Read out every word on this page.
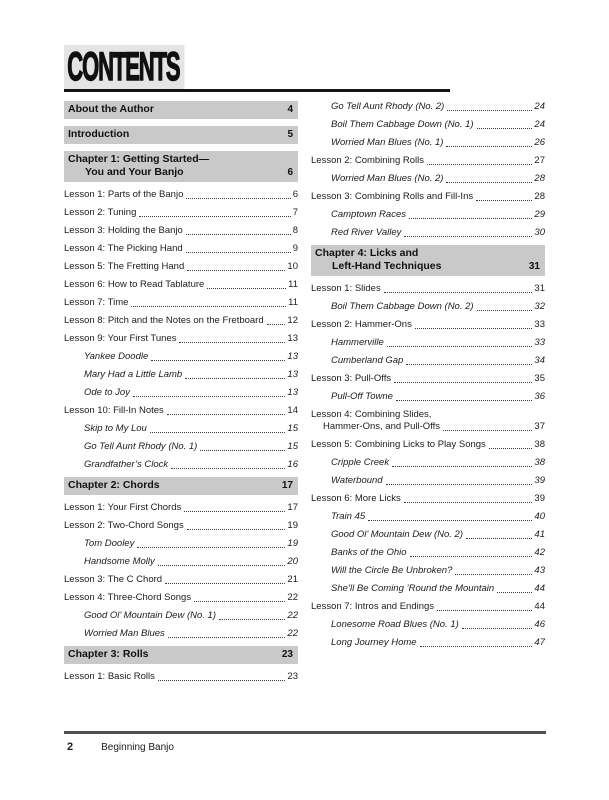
CONTENTS
About the Author	4
Introduction	5
Chapter 1: Getting Started—
You and Your Banjo	6
Lesson 1: Parts of the Banjo	6
Lesson 2: Tuning	7
Lesson 3: Holding the Banjo	8
Lesson 4: The Picking Hand	9
Lesson 5: The Fretting Hand	10
Lesson 6: How to Read Tablature	11
Lesson 7: Time	11
Lesson 8: Pitch and the Notes on the Fretboard	12
Lesson 9: Your First Tunes	13
Yankee Doodle	13
Mary Had a Little Lamb	13
Ode to Joy	13
Lesson 10: Fill-In Notes	14
Skip to My Lou	15
Go Tell Aunt Rhody (No. 1)	15
Grandfather’s Clock	16
Chapter 2: Chords	17
Lesson 1: Your First Chords	17
Lesson 2: Two-Chord Songs	19
Tom Dooley	19
Handsome Molly	20
Lesson 3: The C Chord	21
Lesson 4: Three-Chord Songs	22
Good Ol’ Mountain Dew (No. 1)	22
Worried Man Blues	22
Chapter 3: Rolls	23
Lesson 1: Basic Rolls	23
Go Tell Aunt Rhody (No. 2)	24
Boil Them Cabbage Down (No. 1)	24
Worried Man Blues (No. 1)	26
Lesson 2: Combining Rolls	27
Worried Man Blues (No. 2)	28
Lesson 3: Combining Rolls and Fill-Ins	28
Camptown Races	29
Red River Valley	30
Chapter 4: Licks and
Left-Hand Techniques	31
Lesson 1: Slides	31
Boil Them Cabbage Down (No. 2)	32
Lesson 2: Hammer-Ons	33
Hammerville	33
Cumberland Gap	34
Lesson 3: Pull-Offs	35
Pull-Off Towne	36
Lesson 4: Combining Slides,
Hammer-Ons, and Pull-Offs	37
Lesson 5: Combining Licks to Play Songs	38
Cripple Creek	38
Waterbound	39
Lesson 6: More Licks	39
Train 45	40
Good Ol’ Mountain Dew (No. 2)	41
Banks of the Ohio	42
Will the Circle Be Unbroken?	43
She’ll Be Coming ’Round the Mountain	44
Lesson 7: Intros and Endings	44
Lonesome Road Blues (No. 1)	46
Long Journey Home	47
2	Beginning Banjo
